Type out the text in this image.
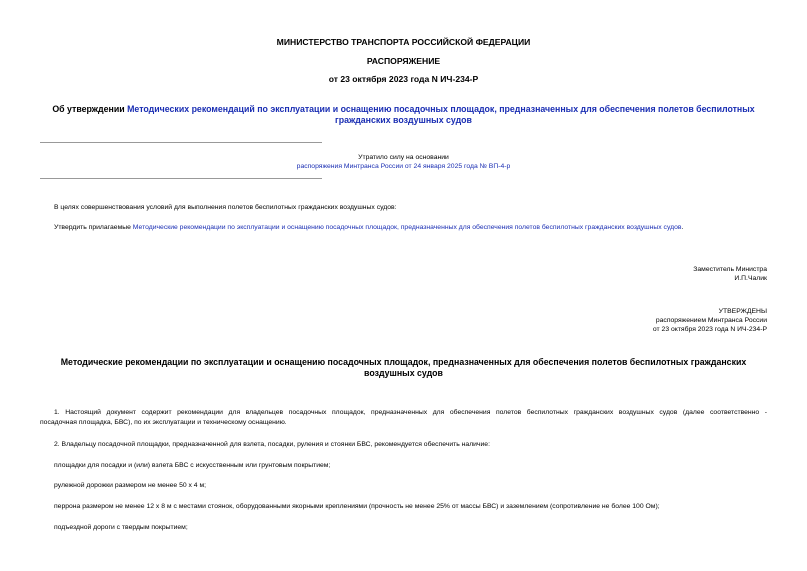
МИНИСТЕРСТВО ТРАНСПОРТА РОССИЙСКОЙ ФЕДЕРАЦИИ
РАСПОРЯЖЕНИЕ
от 23 октября 2023 года N ИЧ-234-Р
Об утверждении Методических рекомендаций по эксплуатации и оснащению посадочных площадок, предназначенных для обеспечения полетов беспилотных
гражданских воздушных судов
Утратило силу на основании
распоряжения Минтранса России от 24 января 2025 года № ВП-4-р
В целях совершенствования условий для выполнения полетов беспилотных гражданских воздушных судов:
Утвердить прилагаемые Методические рекомендации по эксплуатации и оснащению посадочных площадок, предназначенных для обеспечения полетов беспилотных гражданских воздушных судов.
Заместитель Министра
И.П.Чалик
УТВЕРЖДЕНЫ
распоряжением Минтранса России
от 23 октября 2023 года N ИЧ-234-Р
Методические рекомендации по эксплуатации и оснащению посадочных площадок, предназначенных для обеспечения полетов беспилотных гражданских
воздушных судов
1. Настоящий документ содержит рекомендации для владельцев посадочных площадок, предназначенных для обеспечения полетов беспилотных гражданских воздушных судов (далее соответственно -
посадочная площадка, БВС), по их эксплуатации и техническому оснащению.
2. Владельцу посадочной площадки, предназначенной для взлета, посадки, руления и стоянки БВС, рекомендуется обеспечить наличие:
площадки для посадки и (или) взлета БВС с искусственным или грунтовым покрытием;
рулежной дорожки размером не менее 50 х 4 м;
перрона размером не менее 12 х 8 м с местами стоянок, оборудованными якорными креплениями (прочность не менее 25% от массы БВС) и заземлением (сопротивление не более 100 Ом);
подъездной дороги с твердым покрытием;
